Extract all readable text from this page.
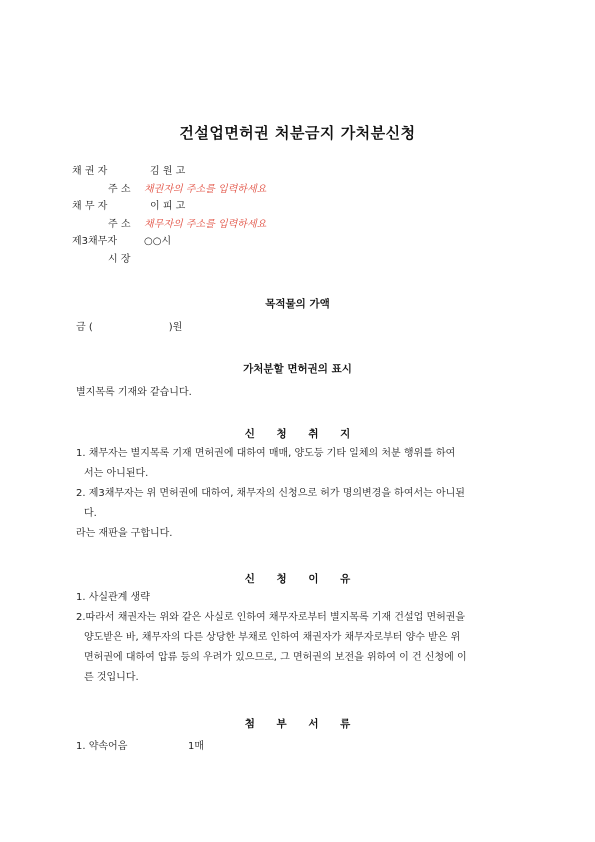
건설업면허권 처분금지 가처분신청
채 권 자	김 원 고
주 소 채권자의 주소를 입력하세요
채 무 자	이 피 고
주 소 채무자의 주소를 입력하세요
제3채무자	○○시
시 장
목적물의 가액
금 (	)원
가처분할 면허권의 표시
별지목록 기재와 같습니다.
신 청 취 지
1. 채무자는 별지목록 기재 면허권에 대하여 매매, 양도등 기타 일체의 처분 행위를 하여
서는 아니된다.
2. 제3채무자는 위 면허권에 대하여, 채무자의 신청으로 허가 명의변경을 하여서는 아니된
다.
라는 재판을 구합니다.
신 청 이 유
1. 사실관계 생략
2.따라서 채권자는 위와 같은 사실로 인하여 채무자로부터 별지목록 기재 건설업 면허권을
양도받은 바, 채무자의 다른 상당한 부채로 인하여 채권자가 채무자로부터 양수 받은 위
면허권에 대하여 압류 등의 우려가 있으므로, 그 면허권의 보전을 위하여 이 건 신청에 이
른 것입니다.
첨 부 서 류
1. 약속어음	1매
